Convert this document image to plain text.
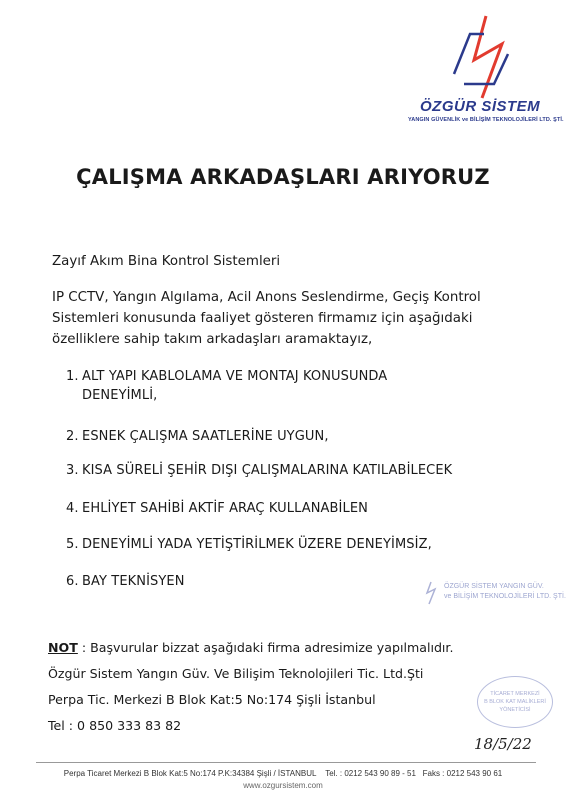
ÖZGÜR SİSTEM
YANGIN GÜVENLİK ve BİLİŞİM TEKNOLOJİLERİ LTD. ŞTİ.
ÇALIŞMA ARKADAŞLARI ARIYORUZ
Zayıf Akım Bina Kontrol Sistemleri
IP CCTV, Yangın Algılama, Acil Anons Seslendirme, Geçiş Kontrol
Sistemleri konusunda faaliyet gösteren firmamız için aşağıdaki
özelliklere sahip takım arkadaşları aramaktayız,
1. ALT YAPI KABLOLAMA VE MONTAJ KONUSUNDA
DENEYİMLİ,
2. ESNEK ÇALIŞMA SAATLERİNE UYGUN,
3. KISA SÜRELİ ŞEHİR DIŞI ÇALIŞMALARINA KATILABİLECEK
4. EHLİYET SAHİBİ AKTİF ARAÇ KULLANABİLEN
5. DENEYİMLİ YADA YETİŞTİRİLMEK ÜZERE DENEYİMSİZ,
6. BAY TEKNİSYEN	ÖZGÜR SİSTEM YANGIN GÜV.
ve BİLİŞİM TEKNOLOJİLERİ LTD. ŞTİ.
NOT : Başvurular bizzat aşağıdaki firma adresimize yapılmalıdır.
Özgür Sistem Yangın Güv. Ve Bilişim Teknolojileri Tic. Ltd.Şti
Perpa Tic. Merkezi B Blok Kat:5 No:174 Şişli İstanbul
Tel : 0 850 333 83 82
TİCARET MERKEZİ
B BLOK KAT MALİKLERİ
YÖNETİCİSİ
18/5/22
Perpa Ticaret Merkezi B Blok Kat:5 No:174 P.K:34384 Şişli / İSTANBUL Tel. : 0212 543 90 89 - 51 Faks : 0212 543 90 61
www.ozgursistem.com
